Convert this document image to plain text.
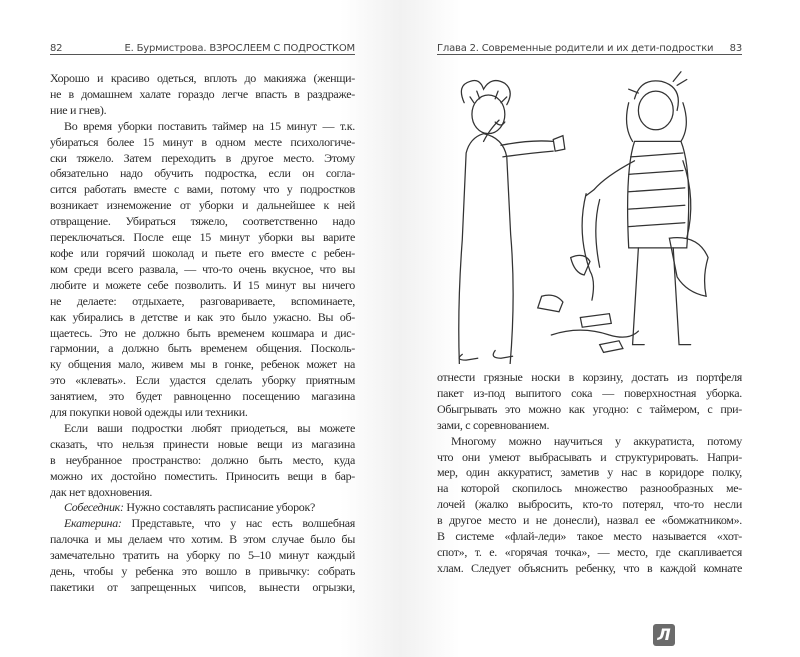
82	Е. Бурмистрова. ВЗРОСЛЕЕМ С ПОДРОСТКОМ
Хорошо и красиво одеться, вплоть до макияжа (женщи-
не в домашнем халате гораздо легче впасть в раздраже-
ние и гнев).
Во время уборки поставить таймер на 15 минут — т.к.
убираться более 15 минут в одном месте психологиче-
ски тяжело. Затем переходить в другое место. Этому
обязательно надо обучить подростка, если он согла-
сится работать вместе с вами, потому что у подростков
возникает изнеможение от уборки и дальнейшее к ней
отвращение. Убираться тяжело, соответственно надо
переключаться. После еще 15 минут уборки вы варите
кофе или горячий шоколад и пьете его вместе с ребен-
ком среди всего развала, — что-то очень вкусное, что вы
любите и можете себе позволить. И 15 минут вы ничего
не делаете: отдыхаете, разговариваете, вспоминаете,
как убирались в детстве и как это было ужасно. Вы об-
щаетесь. Это не должно быть временем кошмара и дис-
гармонии, а должно быть временем общения. Посколь-
ку общения мало, живем мы в гонке, ребенок может на
это «клевать». Если удастся сделать уборку приятным
занятием, это будет равноценно посещению магазина
для покупки новой одежды или техники.
Если ваши подростки любят приодеться, вы можете
сказать, что нельзя принести новые вещи из магазина
в неубранное пространство: должно быть место, куда
можно их достойно поместить. Приносить вещи в бар-
дак нет вдохновения.
Собеседник: Нужно составлять расписание уборок?
Екатерина: Представьте, что у нас есть волшебная
палочка и мы делаем что хотим. В этом случае было бы
замечательно тратить на уборку по 5–10 минут каждый
день, чтобы у ребенка это вошло в привычку: собрать
пакетики от запрещенных чипсов, вынести огрызки,
Глава 2. Современные родители и их дети-подростки 83
отнести грязные носки в корзину, достать из портфеля
пакет из-под выпитого сока — поверхностная уборка.
Обыгрывать это можно как угодно: с таймером, с при-
зами, с соревнованием.
Многому можно научиться у аккуратиста, потому
что они умеют выбрасывать и структурировать. Напри-
мер, один аккуратист, заметив у нас в коридоре полку,
на которой скопилось множество разнообразных ме-
лочей (жалко выбросить, кто-то потерял, что-то несли
в другое место и не донесли), назвал ее «бомжатником».
В системе «флай-леди» такое место называется «хот-
спот», т. е. «горячая точка», — место, где скапливается
хлам. Следует объяснить ребенку, что в каждой комнате
Л
